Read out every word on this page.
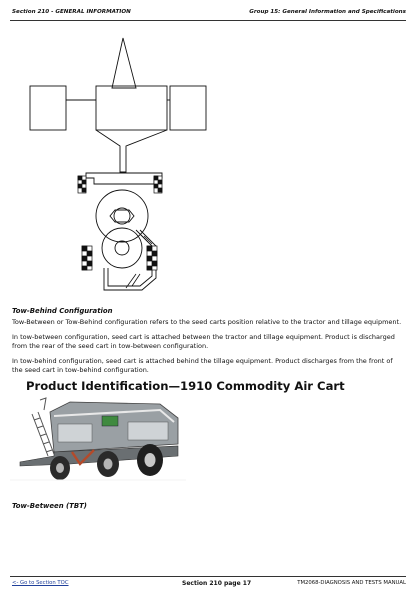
Section 210 - GENERAL INFORMATION	Group 15: General Information and Specifications
Tow-Behind Configuration

Tow-Between or Tow-Behind configuration refers to the seed carts position relative to the tractor and tillage equipment.

In tow-between configuration, seed cart is attached between the tractor and tillage equipment. Product is discharged from the rear of the seed cart in tow-between configuration.

In tow-behind configuration, seed cart is attached behind the tillage equipment. Product discharges from the front of the seed cart in tow-behind configuration.

Product Identification—1910 Commodity Air Cart
Tow-Between (TBT)
<- Go to Section TOC	Section 210 page 17	TM2068-DIAGNOSIS AND TESTS MANUAL
